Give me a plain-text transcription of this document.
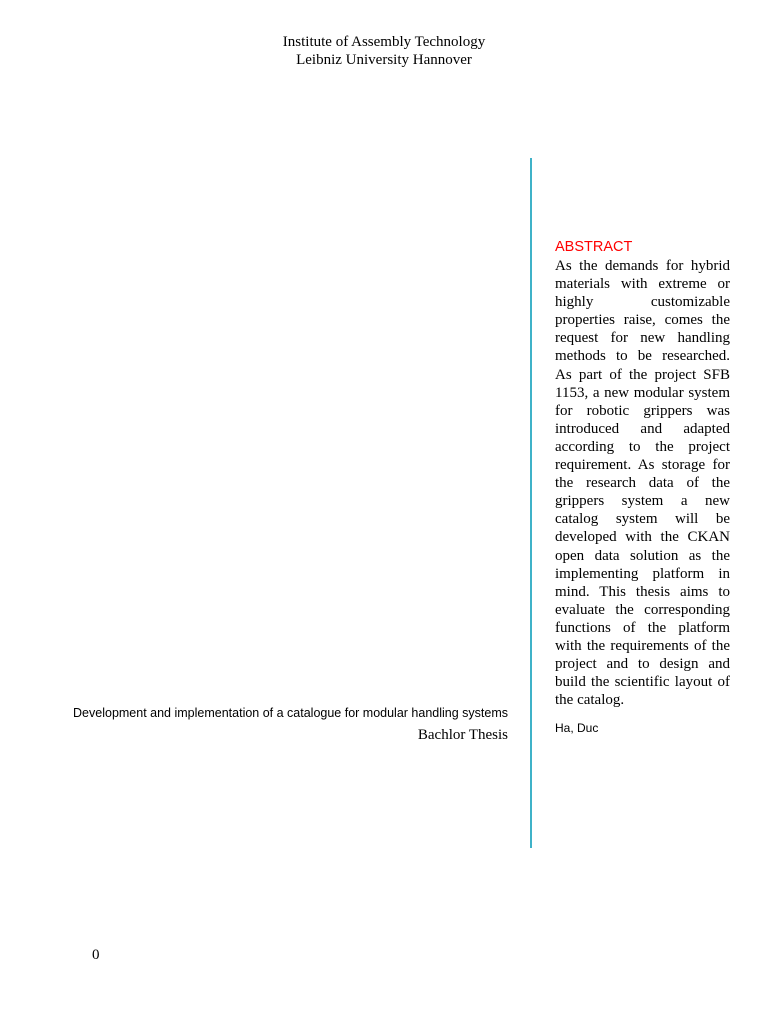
Institute of Assembly Technology
Leibniz University Hannover

ABSTRACT

As the demands for hybrid materials with extreme or highly customizable properties raise, comes the request for new handling methods to be researched. As part of the project SFB 1153, a new modular system for robotic grippers was introduced and adapted according to the project requirement. As storage for the research data of the grippers system a new catalog system will be developed with the CKAN open data solution as the implementing platform in mind. This thesis aims to evaluate the corresponding functions of the platform with the requirements of the project and to design and build the scientific layout of the catalog.

Ha, Duc
Development and implementation of a catalogue for modular handling systems
Bachlor Thesis
0
